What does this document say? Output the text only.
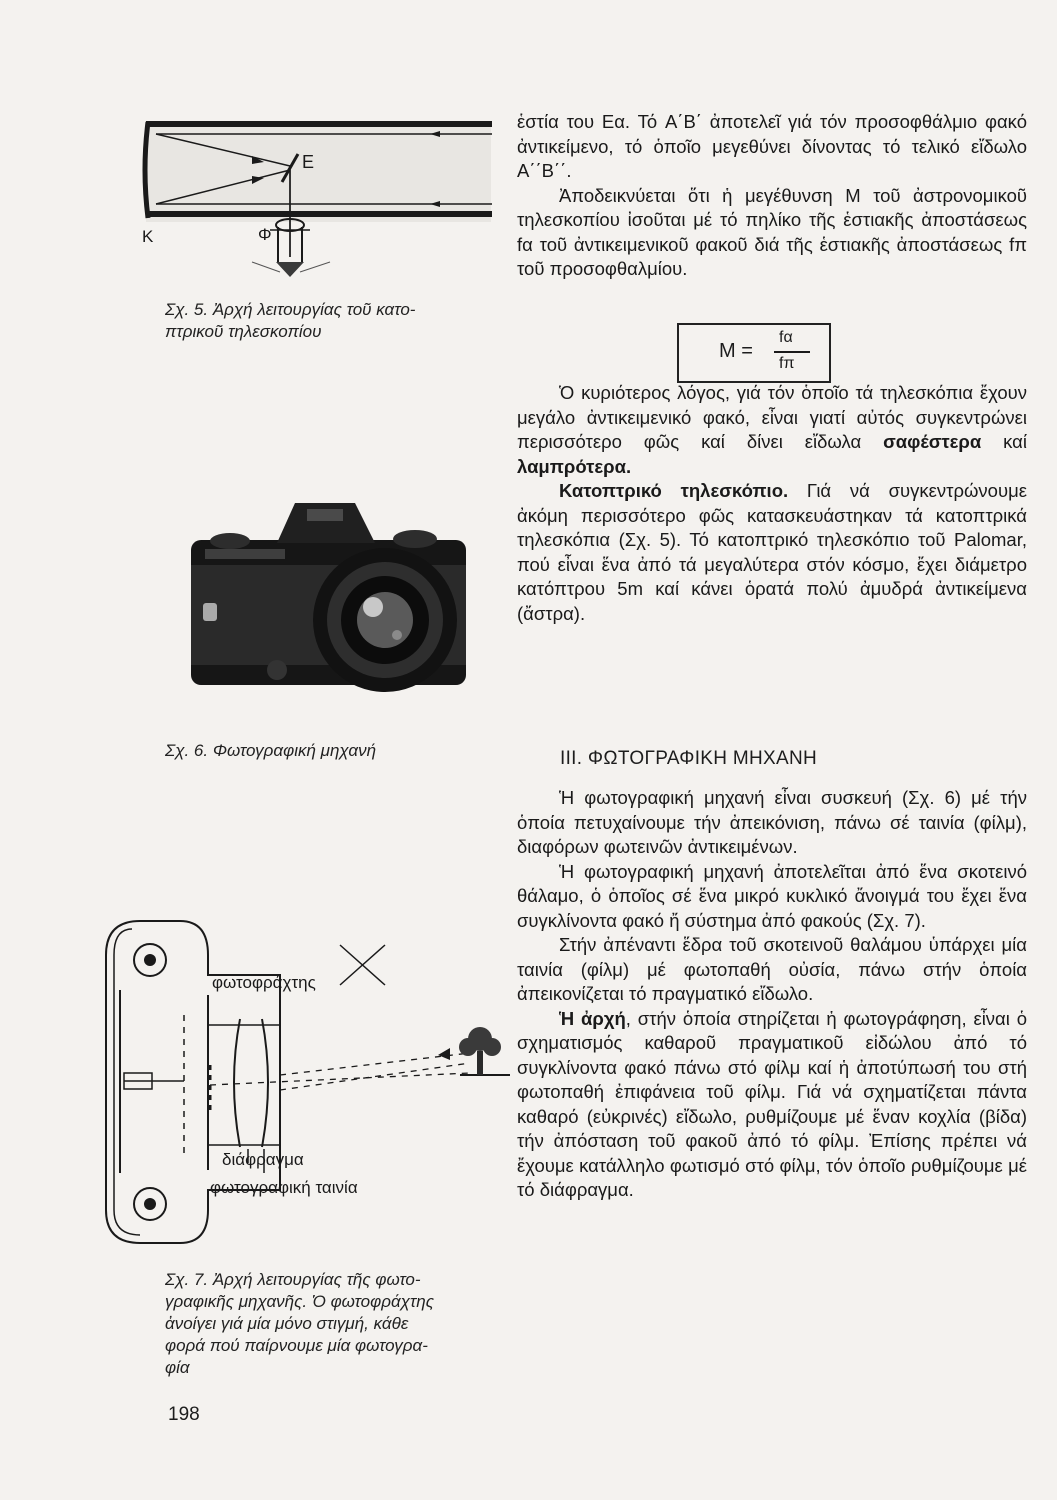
Ε
Κ	Φ
Σχ. 5. Ἀρχή λειτουργίας τοῦ κατο-
πτρικοῦ τηλεσκοπίου
Σχ. 6. Φωτογραφική μηχανή
φωτοφράχτης
διάφραγμα
φωτογραφική ταινία
Σχ. 7. Ἀρχή λειτουργίας τῆς φωτο-
γραφικῆς μηχανῆς. Ὁ φωτοφράχτης
ἀνοίγει γιά μία μόνο στιγμή, κάθε
φορά πού παίρνουμε μία φωτογρα-
φία

ἑστία του Eα. Τό A΄B΄ ἀποτελεῖ γιά τόν προσοφθάλμιο φακό ἀντικείμενο, τό ὁποῖο μεγεθύνει δίνοντας τό τελικό εἴδωλο A΄΄B΄΄.

Ἀποδεικνύεται ὅτι ἡ μεγέθυνση M τοῦ ἀστρονομικοῦ τηλεσκοπίου ἰσοῦται μέ τό πηλίκο τῆς ἑστιακῆς ἀποστάσεως fα τοῦ ἀντικειμενικοῦ φακοῦ διά τῆς ἑστιακῆς ἀποστάσεως fπ τοῦ προσοφθαλμίου.

M =
fα
fπ

Ὁ κυριότερος λόγος, γιά τόν ὁποῖο τά τηλεσκόπια ἔχουν μεγάλο ἀντικειμενικό φακό, εἶναι γιατί αὐτός συγκεντρώνει περισσότερο φῶς καί δίνει εἴδωλα σαφέστερα καί λαμπρότερα.

Κατοπτρικό τηλεσκόπιο. Γιά νά συγκεντρώνουμε ἀκόμη περισσότερο φῶς κατασκευάστηκαν τά κατοπτρικά τηλεσκόπια (Σχ. 5). Τό κατοπτρικό τηλεσκόπιο τοῦ Palomar, πού εἶναι ἕνα ἀπό τά μεγαλύτερα στόν κόσμο, ἔχει διάμετρο κατόπτρου 5m καί κάνει ὁρατά πολύ ἀμυδρά ἀντικείμενα (ἄστρα).

ΙΙΙ. ΦΩΤΟΓΡΑΦΙΚΗ ΜΗΧΑΝΗ

Ἡ φωτογραφική μηχανή εἶναι συσκευή (Σχ. 6) μέ τήν ὁποία πετυχαίνουμε τήν ἀπεικόνιση, πάνω σέ ταινία (φίλμ), διαφόρων φωτεινῶν ἀντικειμένων.

Ἡ φωτογραφική μηχανή ἀποτελεῖται ἀπό ἕνα σκοτεινό θάλαμο, ὁ ὁποῖος σέ ἕνα μικρό κυκλικό ἄνοιγμά του ἔχει ἕνα συγκλίνοντα φακό ἤ σύστημα ἀπό φακούς (Σχ. 7).

Στήν ἀπέναντι ἕδρα τοῦ σκοτεινοῦ θαλάμου ὑπάρχει μία ταινία (φίλμ) μέ φωτοπαθή οὐσία, πάνω στήν ὁποία ἀπεικονίζεται τό πραγματικό εἴδωλο.

Ἡ ἀρχή, στήν ὁποία στηρίζεται ἡ φωτογράφηση, εἶναι ὁ σχηματισμός καθαροῦ πραγματικοῦ εἰδώλου ἀπό τό συγκλίνοντα φακό πάνω στό φίλμ καί ἡ ἀποτύπωσή του στή φωτοπαθή ἐπιφάνεια τοῦ φίλμ. Γιά νά σχηματίζεται πάντα καθαρό (εὐκρινές) εἴδωλο, ρυθμίζουμε μέ ἕναν κοχλία (βίδα) τήν ἀπόσταση τοῦ φακοῦ ἀπό τό φίλμ. Ἐπίσης πρέπει νά ἔχουμε κατάλληλο φωτισμό στό φίλμ, τόν ὁποῖο ρυθμίζουμε μέ τό διάφραγμα.

198
